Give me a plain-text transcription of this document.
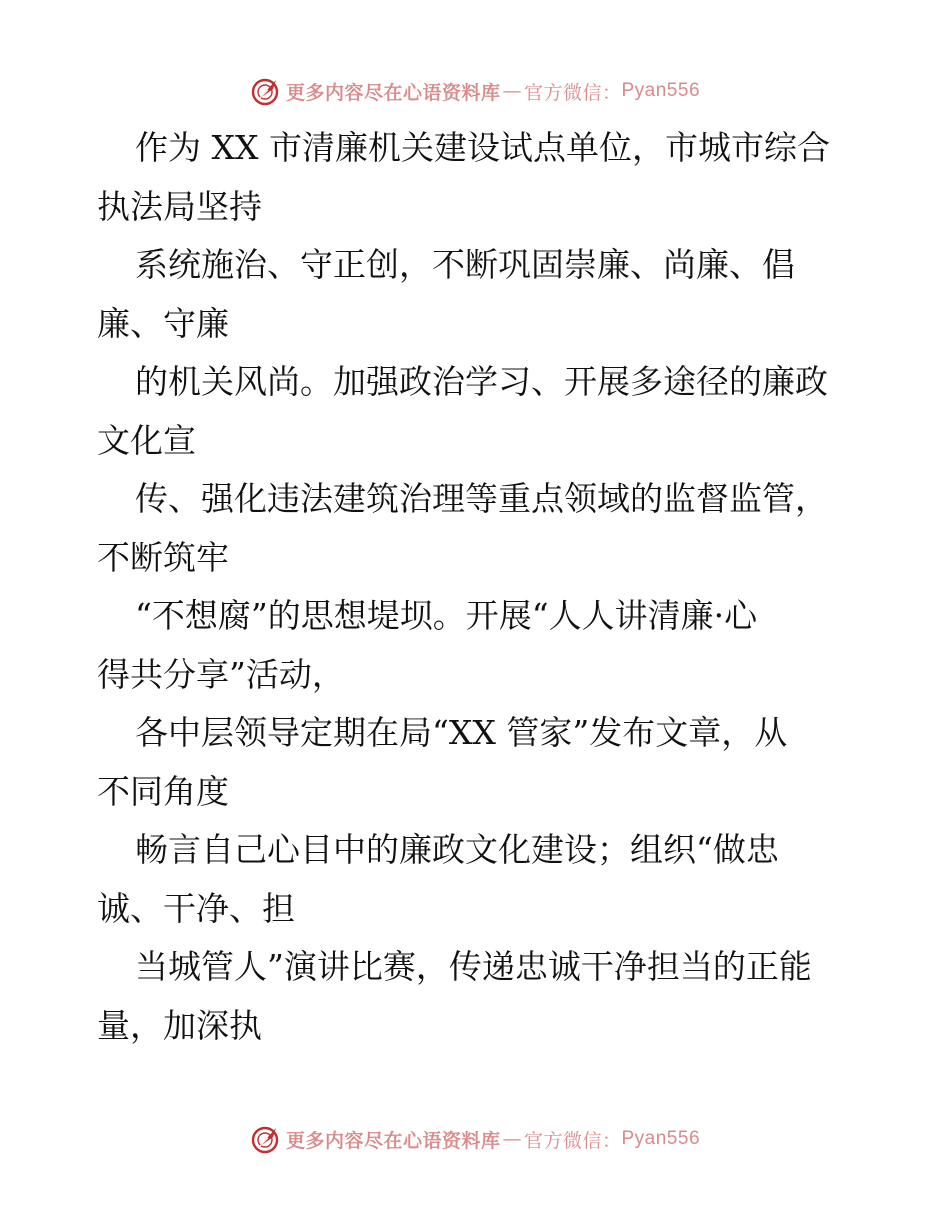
更多内容尽在心语资料库 — 官方微信： Pyan556
作为 XX 市清廉机关建设试点单位，市城市综合
执法局坚持
系统施治、守正创，不断巩固崇廉、尚廉、倡
廉、守廉
的机关风尚。加强政治学习、开展多途径的廉政
文化宣
传、强化违法建筑治理等重点领域的监督监管，
不断筑牢
“不想腐”的思想堤坝。开展“人人讲清廉·心
得共分享”活动，
各中层领导定期在局“XX 管家”发布文章，从
不同角度
畅言自己心目中的廉政文化建设；组织“做忠
诚、干净、担
当城管人”演讲比赛，传递忠诚干净担当的正能
量，加深执
更多内容尽在心语资料库 — 官方微信： Pyan556
